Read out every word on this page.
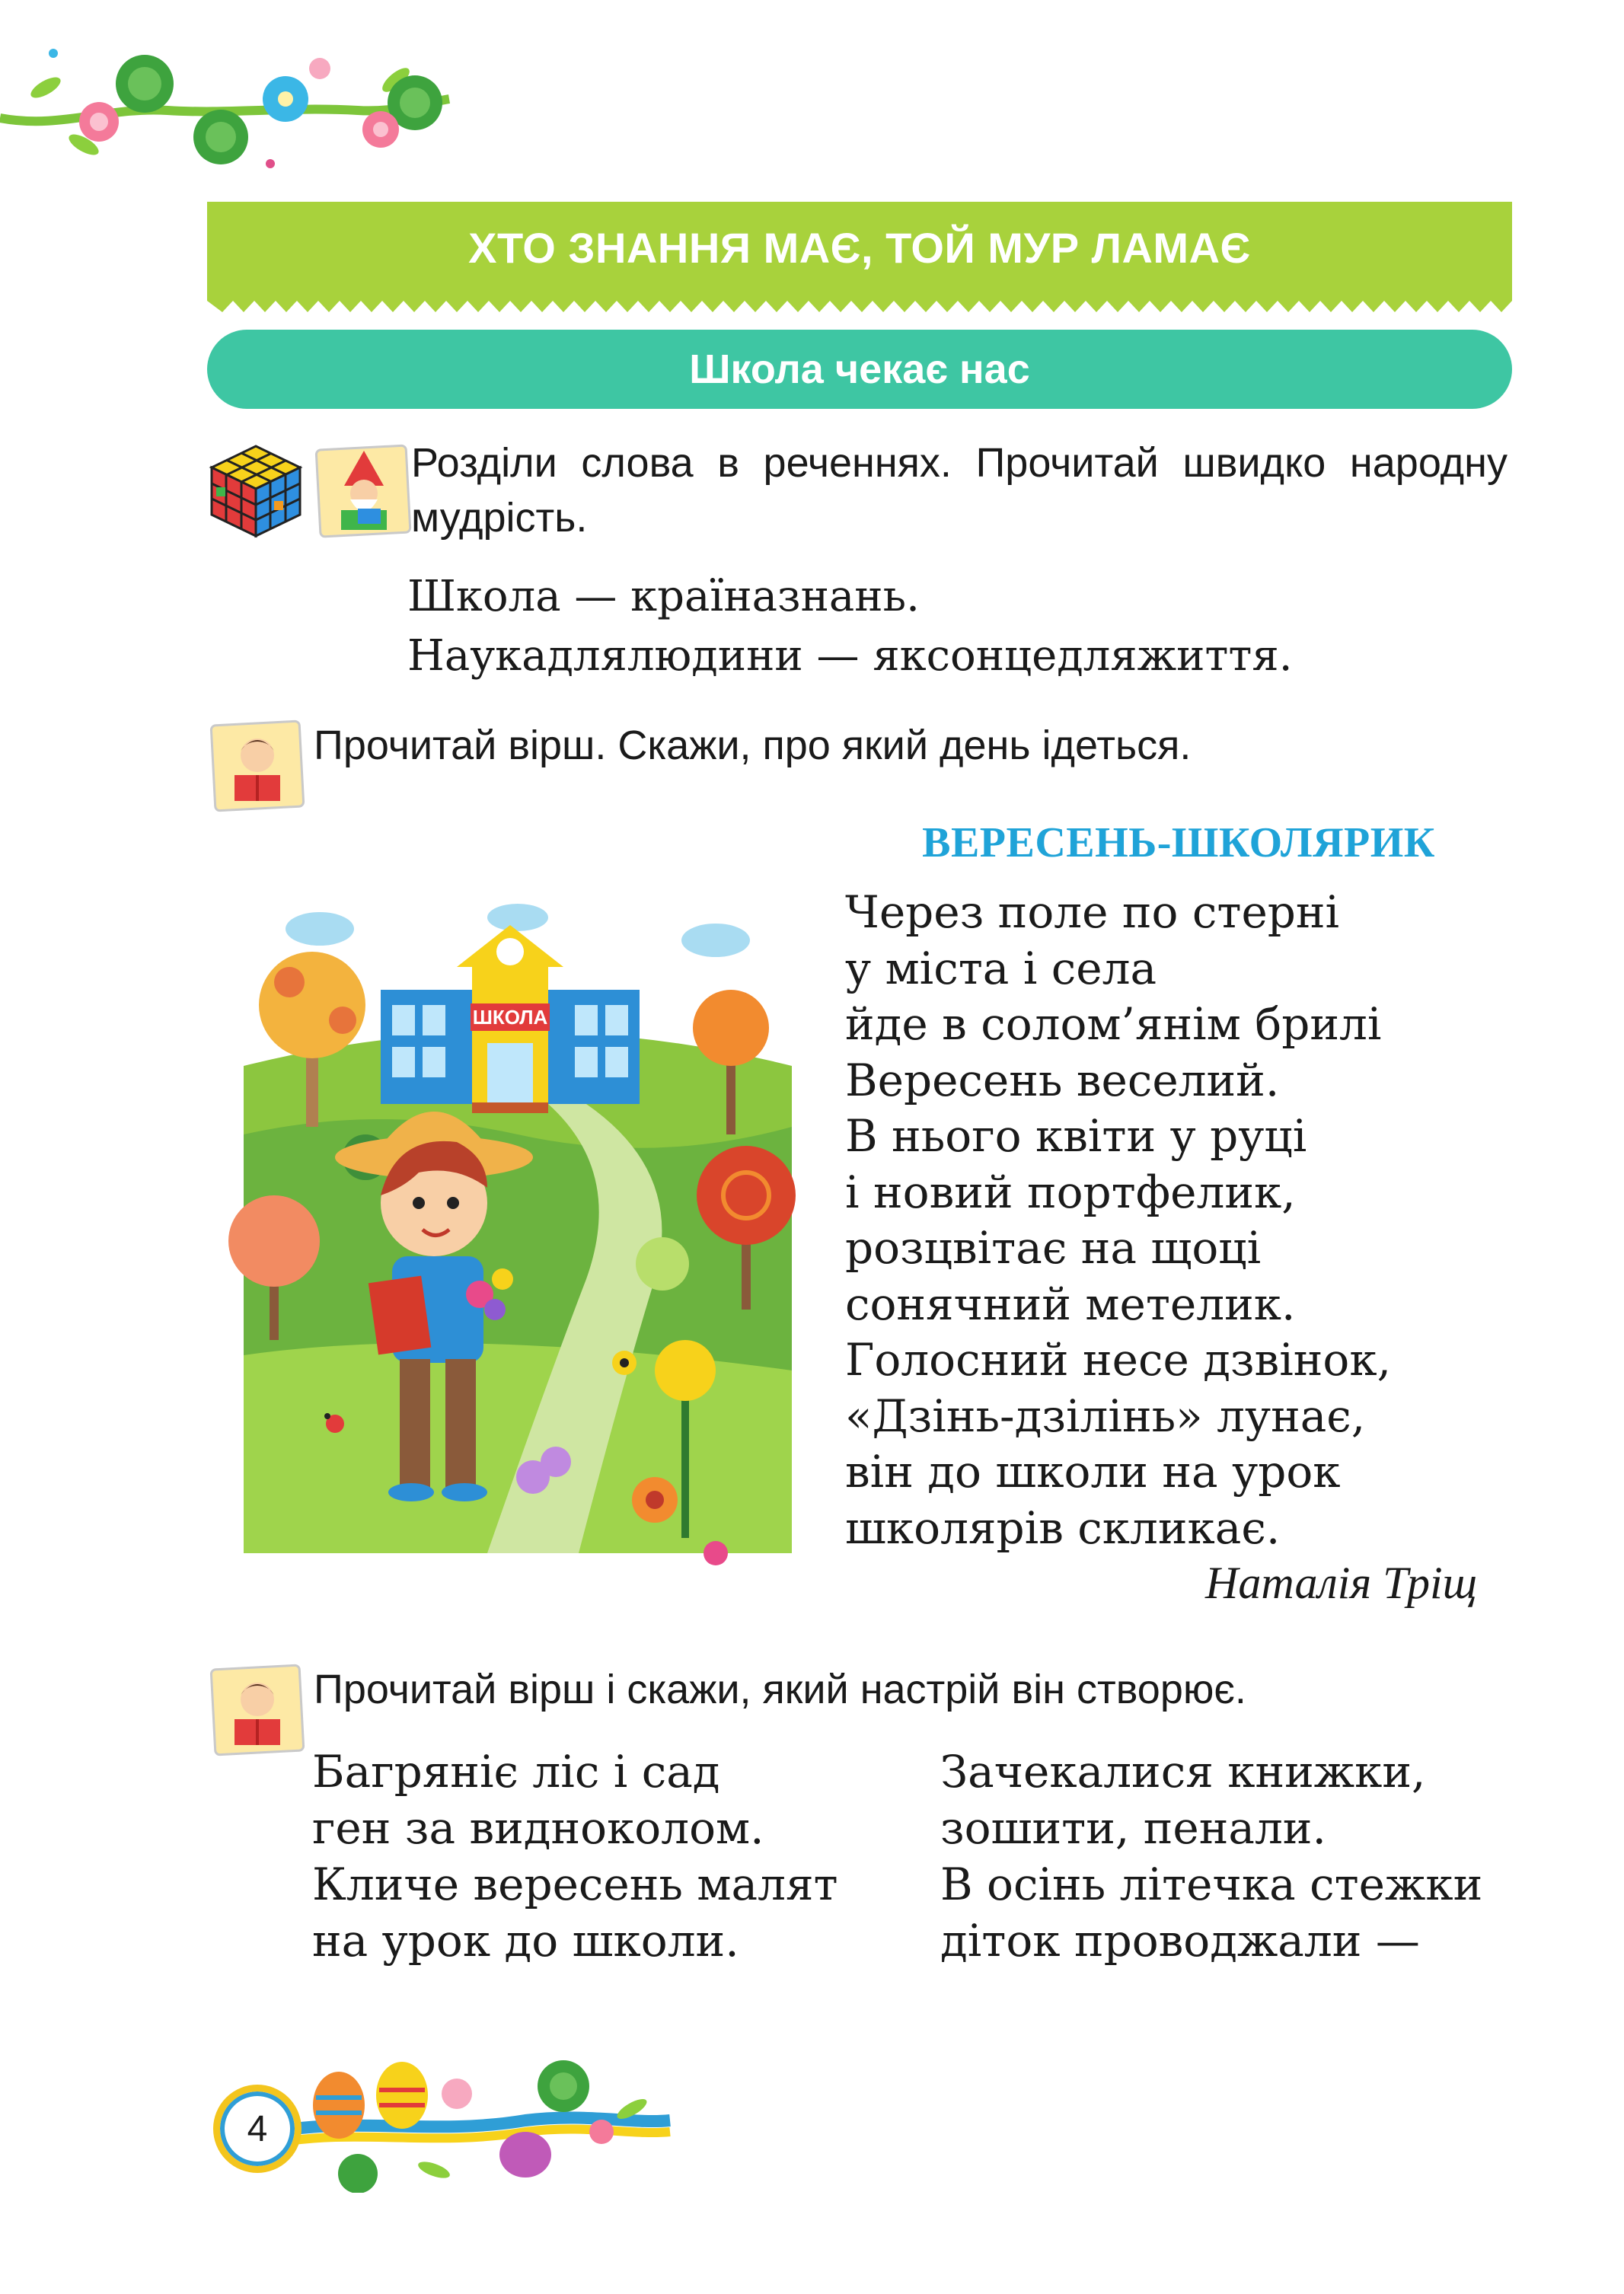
ХТО ЗНАННЯ МАЄ, ТОЙ МУР ЛАМАЄ
Школа чекає нас
Розділи слова в реченнях. Прочитай швидко народну мудрість.
Школа — країназнань.
Наукадлялюдини — яксонцедляжиття.
Прочитай вірш. Скажи, про який день ідеться.
ВЕРЕСЕНЬ-ШКОЛЯРИК
ШКОЛА
Через поле по стерні
у міста і села
йде в солом’янім брилі
Вересень веселий.
В нього квіти у руці
і новий портфелик,
розцвітає на щоці
сонячний метелик.
Голосний несе дзвінок,
«Дзінь-дзілінь» лунає,
він до школи на урок
школярів скликає.
Наталія Тріщ
Прочитай вірш і скажи, який настрій він створює.
Багряніє ліс і сад
ген за видноколом.
Кличе вересень малят
на урок до школи.
Зачекалися книжки,
зошити, пенали.
В осінь літечка стежки
діток проводжали —
4
